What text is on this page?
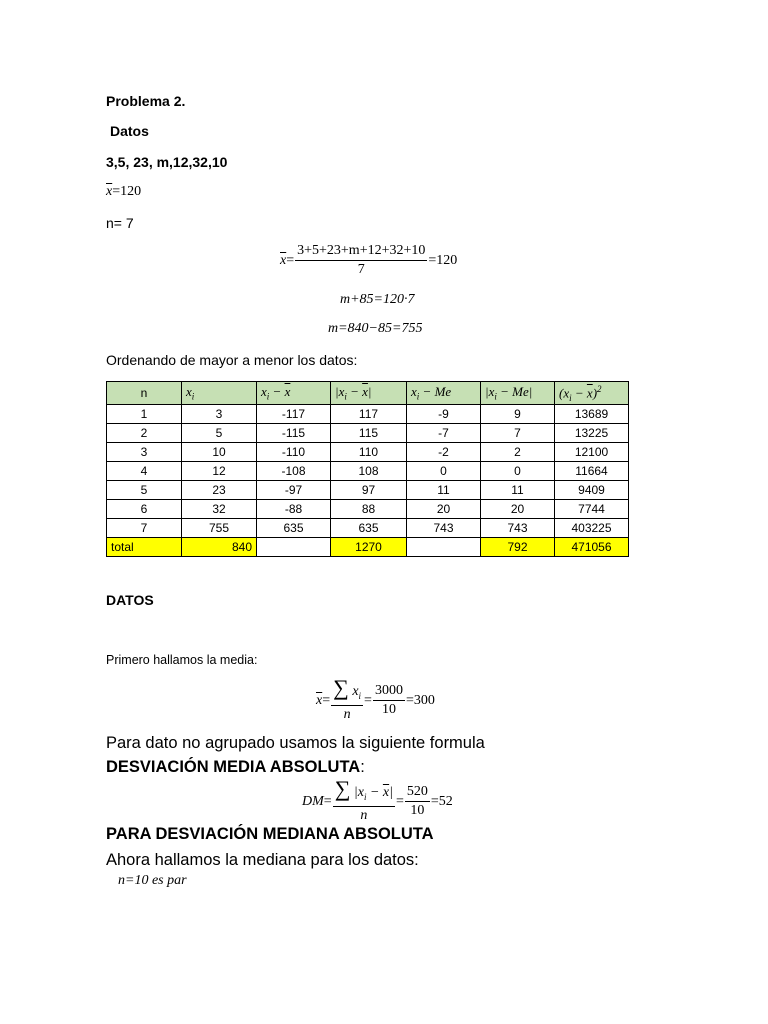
Problema 2.
Datos
3,5, 23, m,12,32,10
$\overline{x}=120$
n= 7
$\overline{x} = \frac{3+5+23+m+12+32+10}{7} =120$
m+85=120·7
m=840−85=755
Ordenando de mayor a menor los datos:
n	$x_i$	$x_i - \overline{x}$	$|x_i - \overline{x}|$	$x_i - Me$	$|x_i - Me|$	$(x_i - \overline{x})^2$
1	3	-117	117	-9	9	13689
2	5	-115	115	-7	7	13225
3	10	-110	110	-2	2	12100
4	12	-108	108	0	0	11664
5	23	-97	97	11	11	9409
6	32	-88	88	20	20	7744
7	755	635	635	743	743	403225
total	840		1270		792	471056
DATOS
Primero hallamos la media:
$\overline{x} = \frac{\sum x_i}{n} = \frac{3000}{10} =300$
Para dato no agrupado usamos la siguiente formula
DESVIACIÓN MEDIA ABSOLUTA:
DM = $\frac{\sum |x_i - \overline{x}|}{n} = \frac{520}{10} =52$
PARA DESVIACIÓN MEDIANA ABSOLUTA
Ahora hallamos la mediana para los datos:
n=10 es par
